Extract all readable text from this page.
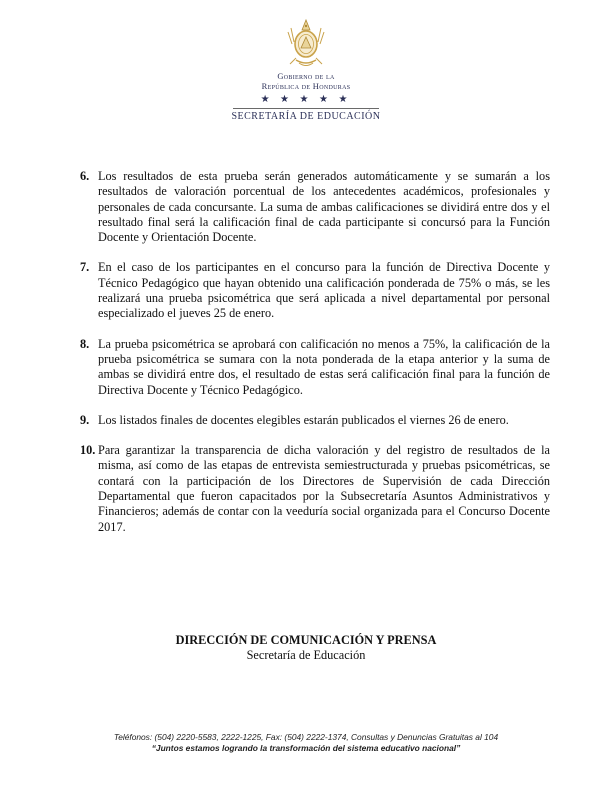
Gobierno de la
República de Honduras
★ ★ ★ ★ ★
SECRETARÍA DE EDUCACIÓN
6. Los resultados de esta prueba serán generados automáticamente y se sumarán a los resultados de valoración porcentual de los antecedentes académicos, profesionales y personales de cada concursante. La suma de ambas calificaciones se dividirá entre dos y el resultado final será la calificación final de cada participante si concursó para la Función Docente y Orientación Docente.
7. En el caso de los participantes en el concurso para la función de Directiva Docente y Técnico Pedagógico que hayan obtenido una calificación ponderada de 75% o más, se les realizará una prueba psicométrica que será aplicada a nivel departamental por personal especializado el jueves 25 de enero.
8. La prueba psicométrica se aprobará con calificación no menos a 75%, la calificación de la prueba psicométrica se sumara con la nota ponderada de la etapa anterior y la suma de ambas se dividirá entre dos, el resultado de estas será calificación final para la función de Directiva Docente y Técnico Pedagógico.
9. Los listados finales de docentes elegibles estarán publicados el viernes 26 de enero.
10. Para garantizar la transparencia de dicha valoración y del registro de resultados de la misma, así como de las etapas de entrevista semiestructurada y pruebas psicométricas, se contará con la participación de los Directores de Supervisión de cada Dirección Departamental que fueron capacitados por la Subsecretaría Asuntos Administrativos y Financieros; además de contar con la veeduría social organizada para el Concurso Docente 2017.
DIRECCIÓN DE COMUNICACIÓN Y PRENSA
Secretaría de Educación
Teléfonos: (504) 2220-5583, 2222-1225, Fax: (504) 2222-1374, Consultas y Denuncias Gratuitas al 104
“Juntos estamos logrando la transformación del sistema educativo nacional”
